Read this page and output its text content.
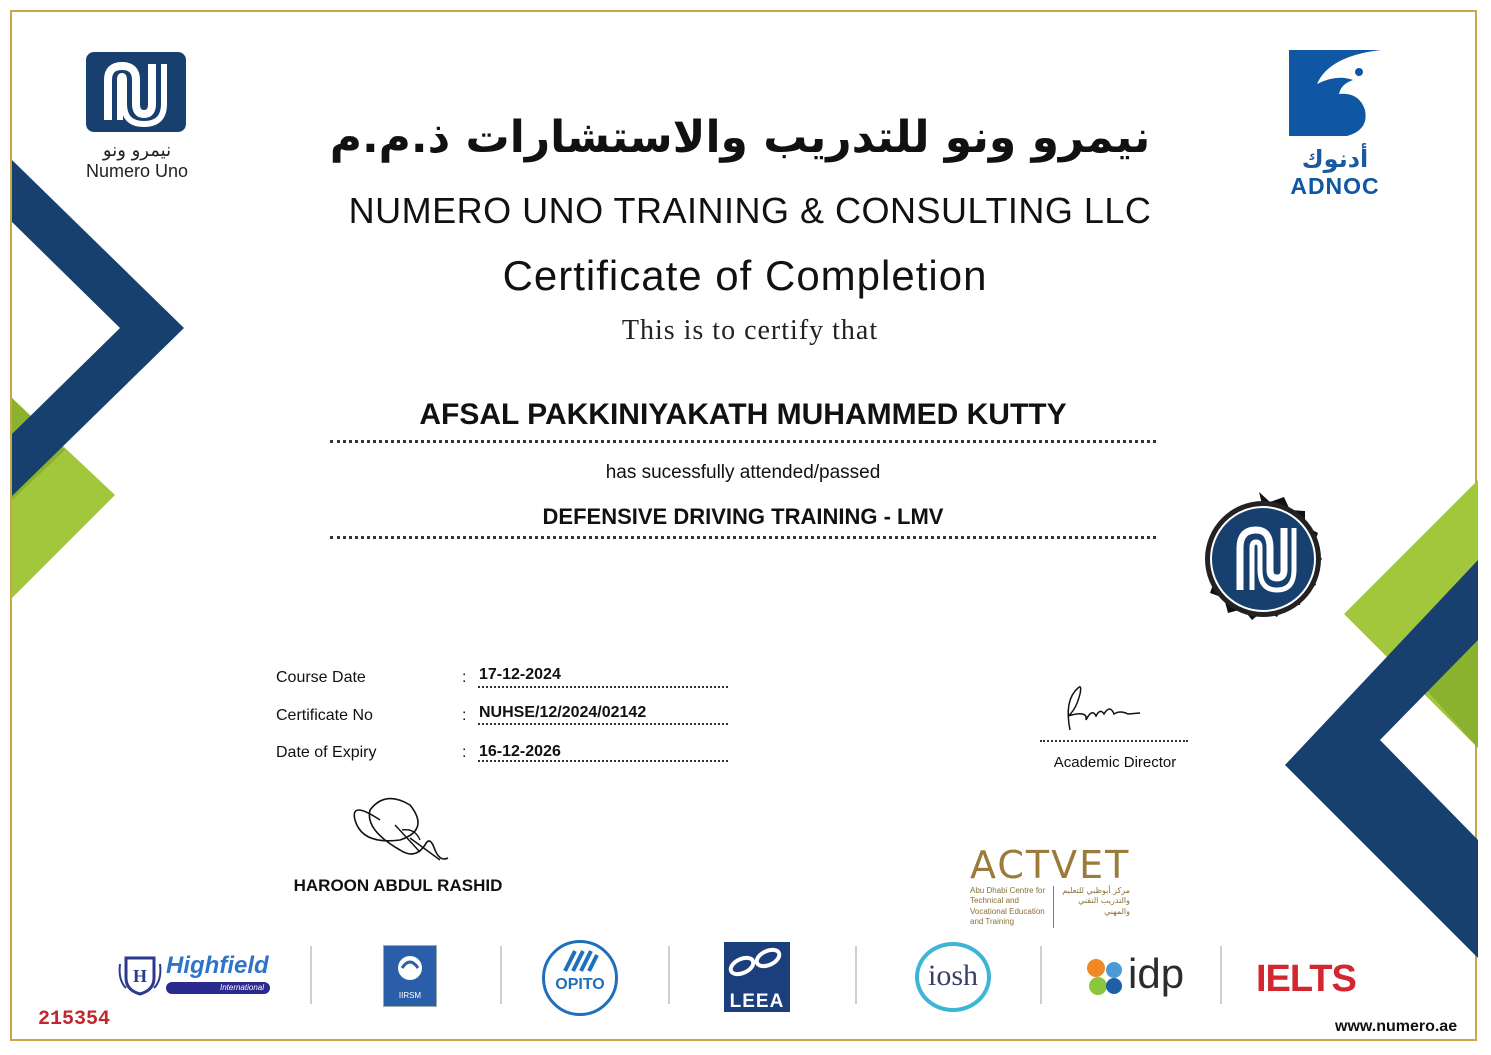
نيمرو ونو
Numero Uno	أدنوك
ADNOC
نيمرو ونو للتدريب والاستشارات ذ.م.م
NUMERO UNO TRAINING & CONSULTING LLC
Certificate of Completion
This is to certify that
AFSAL PAKKINIYAKATH MUHAMMED KUTTY
has sucessfully attended/passed
DEFENSIVE DRIVING TRAINING - LMV
Course Date	: 17-12-2024
Certificate No	: NUHSE/12/2024/02142
Date of Expiry	: 16-12-2026
HAROON ABDUL RASHID
Academic Director
ACTVET
Abu Dhabi Centre for Technical and Vocational Education and Training
مركز أبوظبي للتعليم والتدريب التقني والمهني
H Highfield
International
IIRSM
OPITO
LEEA
iosh	idp IELTS
215354	www.numero.ae
